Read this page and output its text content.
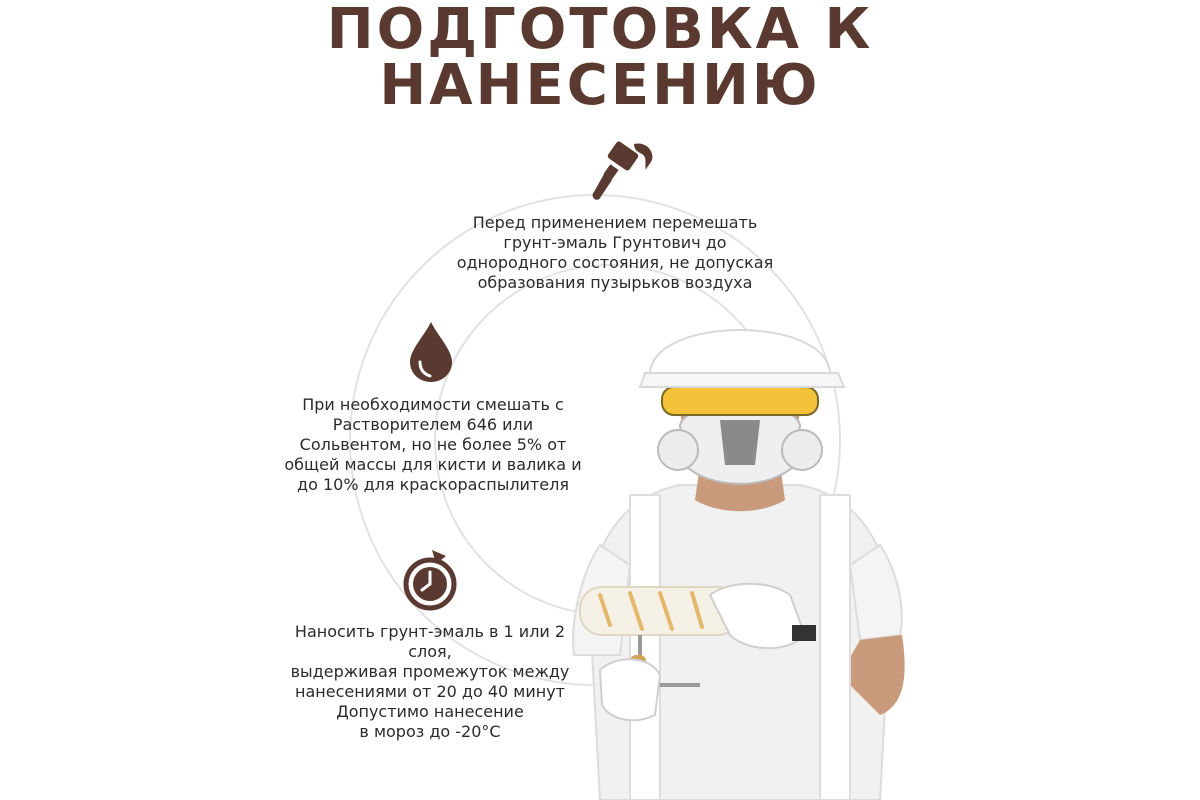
ПОДГОТОВКА К
НАНЕСЕНИЮ
Перед применением перемешать
грунт-эмаль Грунтович до
однородного состояния, не допуская
образования пузырьков воздуха
При необходимости смешать с
Растворителем 646 или
Сольвентом, но не более 5% от
общей массы для кисти и валика и
до 10% для краскораспылителя
Наносить грунт-эмаль в 1 или 2 слоя,
выдерживая промежуток между
нанесениями от 20 до 40 минут
Допустимо нанесение
в мороз до -20°С
